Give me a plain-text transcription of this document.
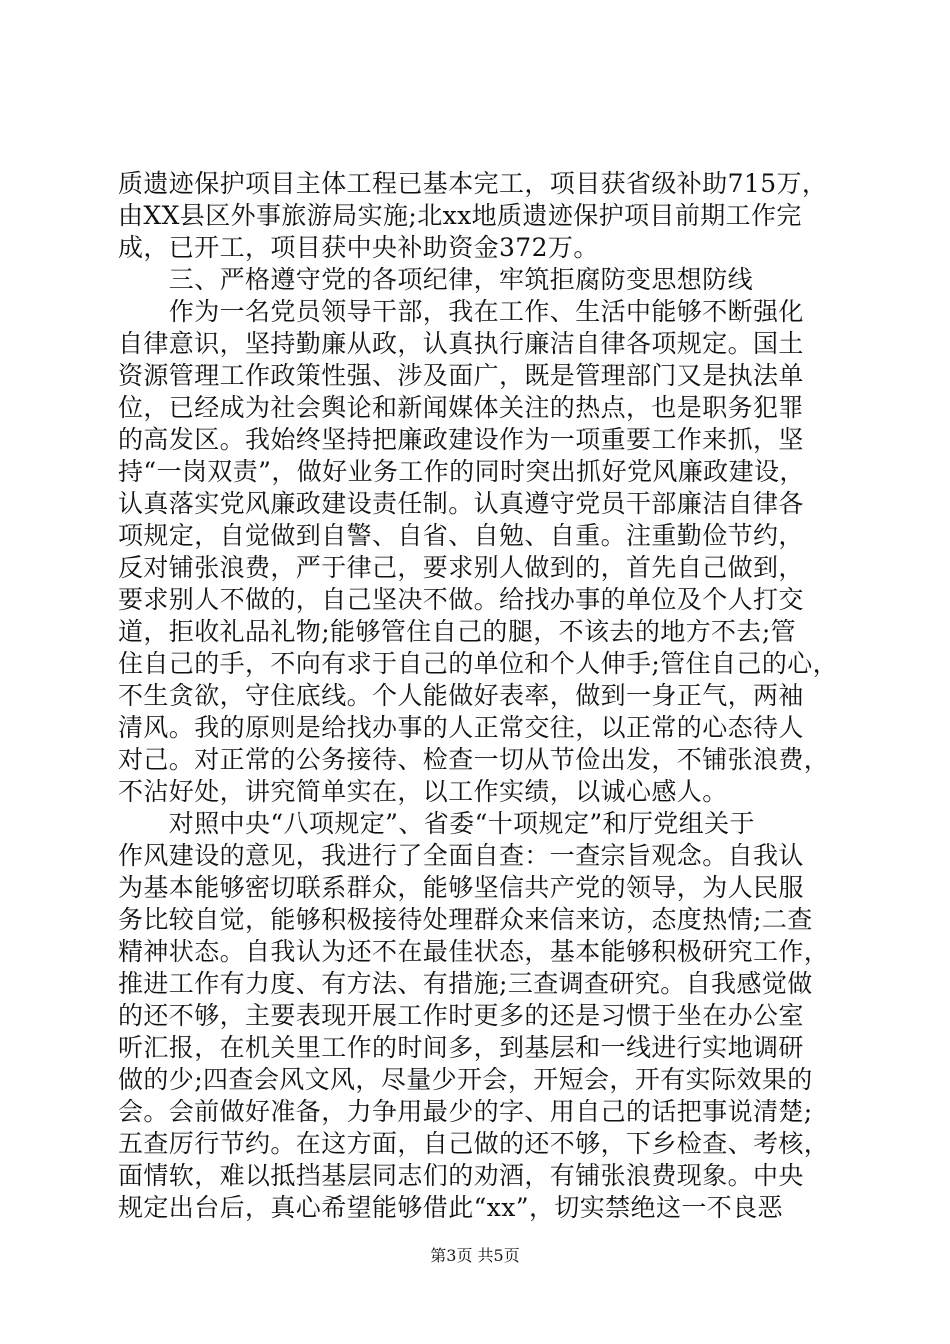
质遗迹保护项目主体工程已基本完工，项目获省级补助715万，
由XX县区外事旅游局实施;北xx地质遗迹保护项目前期工作完
成，已开工，项目获中央补助资金372万。
　　三、严格遵守党的各项纪律，牢筑拒腐防变思想防线
　　作为一名党员领导干部，我在工作、生活中能够不断强化
自律意识，坚持勤廉从政，认真执行廉洁自律各项规定。国土
资源管理工作政策性强、涉及面广，既是管理部门又是执法单
位，已经成为社会舆论和新闻媒体关注的热点，也是职务犯罪
的高发区。我始终坚持把廉政建设作为一项重要工作来抓，坚
持“一岗双责”，做好业务工作的同时突出抓好党风廉政建设，
认真落实党风廉政建设责任制。认真遵守党员干部廉洁自律各
项规定，自觉做到自警、自省、自勉、自重。注重勤俭节约，
反对铺张浪费，严于律己，要求别人做到的，首先自己做到，
要求别人不做的，自己坚决不做。给找办事的单位及个人打交
道，拒收礼品礼物;能够管住自己的腿，不该去的地方不去;管
住自己的手，不向有求于自己的单位和个人伸手;管住自己的心，
不生贪欲，守住底线。个人能做好表率，做到一身正气，两袖
清风。我的原则是给找办事的人正常交往，以正常的心态待人
对己。对正常的公务接待、检查一切从节俭出发，不铺张浪费，
不沾好处，讲究简单实在，以工作实绩，以诚心感人。
　　对照中央“八项规定”、省委“十项规定”和厅党组关于
作风建设的意见，我进行了全面自查：一查宗旨观念。自我认
为基本能够密切联系群众，能够坚信共产党的领导，为人民服
务比较自觉，能够积极接待处理群众来信来访，态度热情;二查
精神状态。自我认为还不在最佳状态，基本能够积极研究工作，
推进工作有力度、有方法、有措施;三查调查研究。自我感觉做
的还不够，主要表现开展工作时更多的还是习惯于坐在办公室
听汇报，在机关里工作的时间多，到基层和一线进行实地调研
做的少;四查会风文风，尽量少开会，开短会，开有实际效果的
会。会前做好准备，力争用最少的字、用自己的话把事说清楚;
五查厉行节约。在这方面，自己做的还不够，下乡检查、考核，
面情软，难以抵挡基层同志们的劝酒，有铺张浪费现象。中央
规定出台后，真心希望能够借此“xx”，切实禁绝这一不良恶
第3页 共5页
